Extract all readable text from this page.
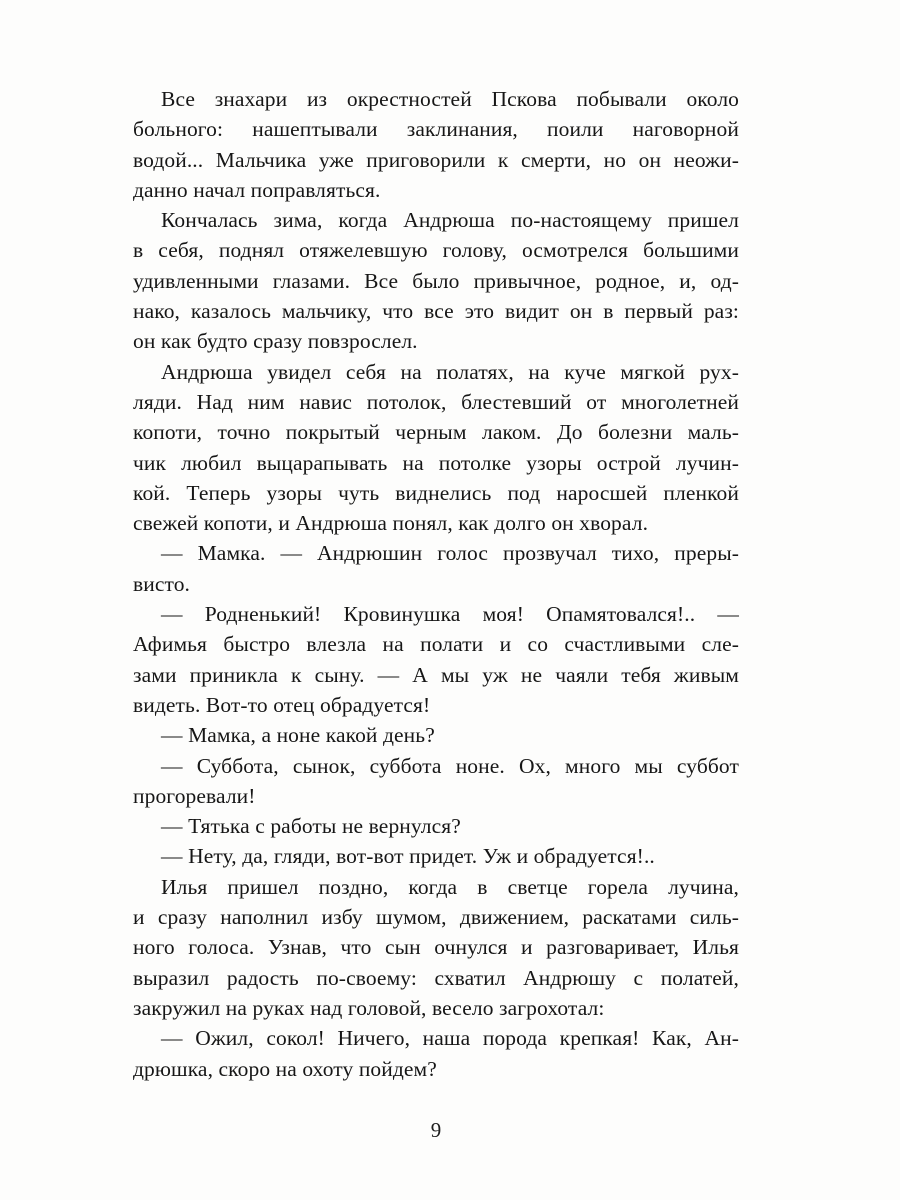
Все знахари из окрестностей Пскова побывали около
больного: нашептывали заклинания, поили наговорной
водой... Мальчика уже приговорили к смерти, но он неожи-
данно начал поправляться.
Кончалась зима, когда Андрюша по-настоящему пришел
в себя, поднял отяжелевшую голову, осмотрелся большими
удивленными глазами. Все было привычное, родное, и, од-
нако, казалось мальчику, что все это видит он в первый раз:
он как будто сразу повзрослел.
Андрюша увидел себя на полатях, на куче мягкой рух-
ляди. Над ним навис потолок, блестевший от многолетней
копоти, точно покрытый черным лаком. До болезни маль-
чик любил выцарапывать на потолке узоры острой лучин-
кой. Теперь узоры чуть виднелись под наросшей пленкой
свежей копоти, и Андрюша понял, как долго он хворал.
— Мамка. — Андрюшин голос прозвучал тихо, преры-
висто.
— Родненький! Кровинушка моя! Опамятовался!.. —
Афимья быстро влезла на полати и со счастливыми сле-
зами приникла к сыну. — А мы уж не чаяли тебя живым
видеть. Вот-то отец обрадуется!
— Мамка, а ноне какой день?
— Суббота, сынок, суббота ноне. Ох, много мы суббот
прогоревали!
— Тятька с работы не вернулся?
— Нету, да, гляди, вот-вот придет. Уж и обрадуется!..
Илья пришел поздно, когда в светце горела лучина,
и сразу наполнил избу шумом, движением, раскатами силь-
ного голоса. Узнав, что сын очнулся и разговаривает, Илья
выразил радость по-своему: схватил Андрюшу с полатей,
закружил на руках над головой, весело загрохотал:
— Ожил, сокол! Ничего, наша порода крепкая! Как, Ан-
дрюшка, скоро на охоту пойдем?
9
